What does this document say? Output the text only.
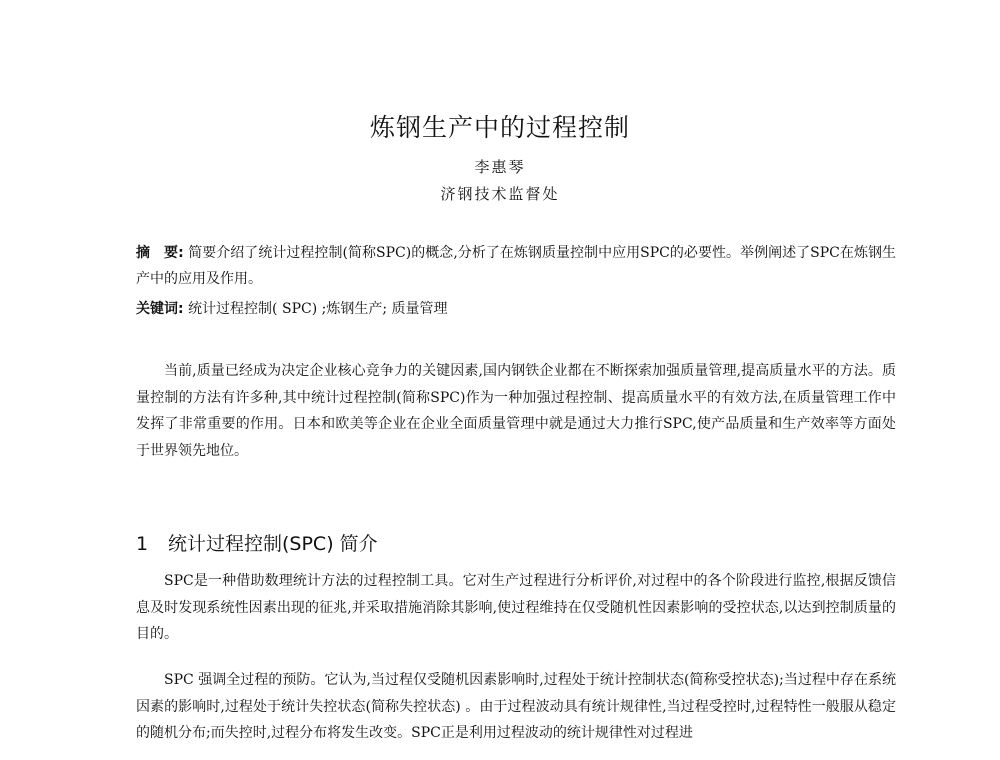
炼钢生产中的过程控制
李惠琴
济钢技术监督处

摘　要: 简要介绍了统计过程控制(简称SPC)的概念,分析了在炼钢质量控制中应用SPC的必要性。举例阐述了SPC在炼钢生产中的应用及作用。

关键词: 统计过程控制( SPC) ;炼钢生产; 质量管理

当前,质量已经成为决定企业核心竞争力的关键因素,国内钢铁企业都在不断探索加强质量管理,提高质量水平的方法。质量控制的方法有许多种,其中统计过程控制(简称SPC)作为一种加强过程控制、提高质量水平的有效方法,在质量管理工作中发挥了非常重要的作用。日本和欧美等企业在企业全面质量管理中就是通过大力推行SPC,使产品质量和生产效率等方面处于世界领先地位。

1 统计过程控制(SPC) 简介

SPC是一种借助数理统计方法的过程控制工具。它对生产过程进行分析评价,对过程中的各个阶段进行监控,根据反馈信息及时发现系统性因素出现的征兆,并采取措施消除其影响,使过程维持在仅受随机性因素影响的受控状态,以达到控制质量的目的。

SPC 强调全过程的预防。它认为,当过程仅受随机因素影响时,过程处于统计控制状态(简称受控状态);当过程中存在系统因素的影响时,过程处于统计失控状态(简称失控状态) 。由于过程波动具有统计规律性,当过程受控时,过程特性一般服从稳定的随机分布;而失控时,过程分布将发生改变。SPC正是利用过程波动的统计规律性对过程进
